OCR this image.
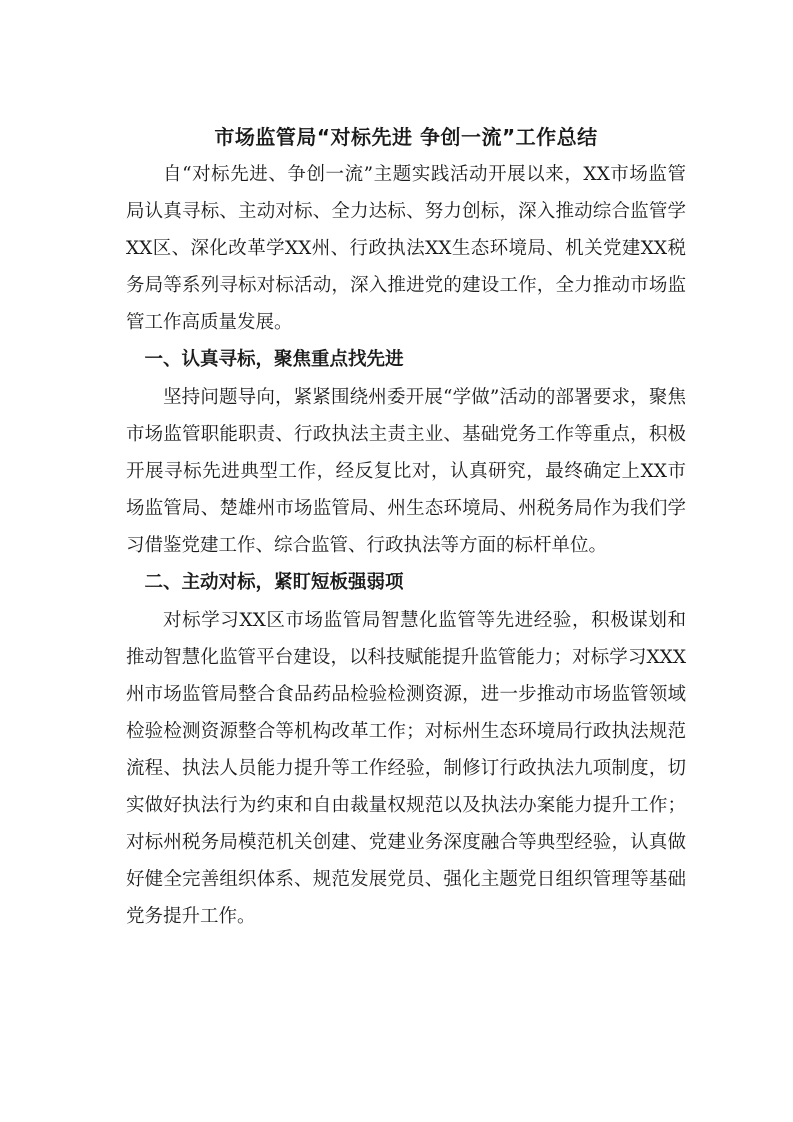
市场监管局“对标先进 争创一流”工作总结

自“对标先进、争创一流”主题实践活动开展以来，XX市场监管局认真寻标、主动对标、全力达标、努力创标，深入推动综合监管学XX区、深化改革学XX州、行政执法XX生态环境局、机关党建XX税务局等系列寻标对标活动，深入推进党的建设工作，全力推动市场监管工作高质量发展。

一、认真寻标，聚焦重点找先进

坚持问题导向，紧紧围绕州委开展“学做”活动的部署要求，聚焦市场监管职能职责、行政执法主责主业、基础党务工作等重点，积极开展寻标先进典型工作，经反复比对，认真研究，最终确定上XX市场监管局、楚雄州市场监管局、州生态环境局、州税务局作为我们学习借鉴党建工作、综合监管、行政执法等方面的标杆单位。

二、主动对标，紧盯短板强弱项

对标学习XX区市场监管局智慧化监管等先进经验，积极谋划和推动智慧化监管平台建设，以科技赋能提升监管能力；对标学习XXX州市场监管局整合食品药品检验检测资源，进一步推动市场监管领域检验检测资源整合等机构改革工作；对标州生态环境局行政执法规范流程、执法人员能力提升等工作经验，制修订行政执法九项制度，切实做好执法行为约束和自由裁量权规范以及执法办案能力提升工作；对标州税务局模范机关创建、党建业务深度融合等典型经验，认真做好健全完善组织体系、规范发展党员、强化主题党日组织管理等基础党务提升工作。
